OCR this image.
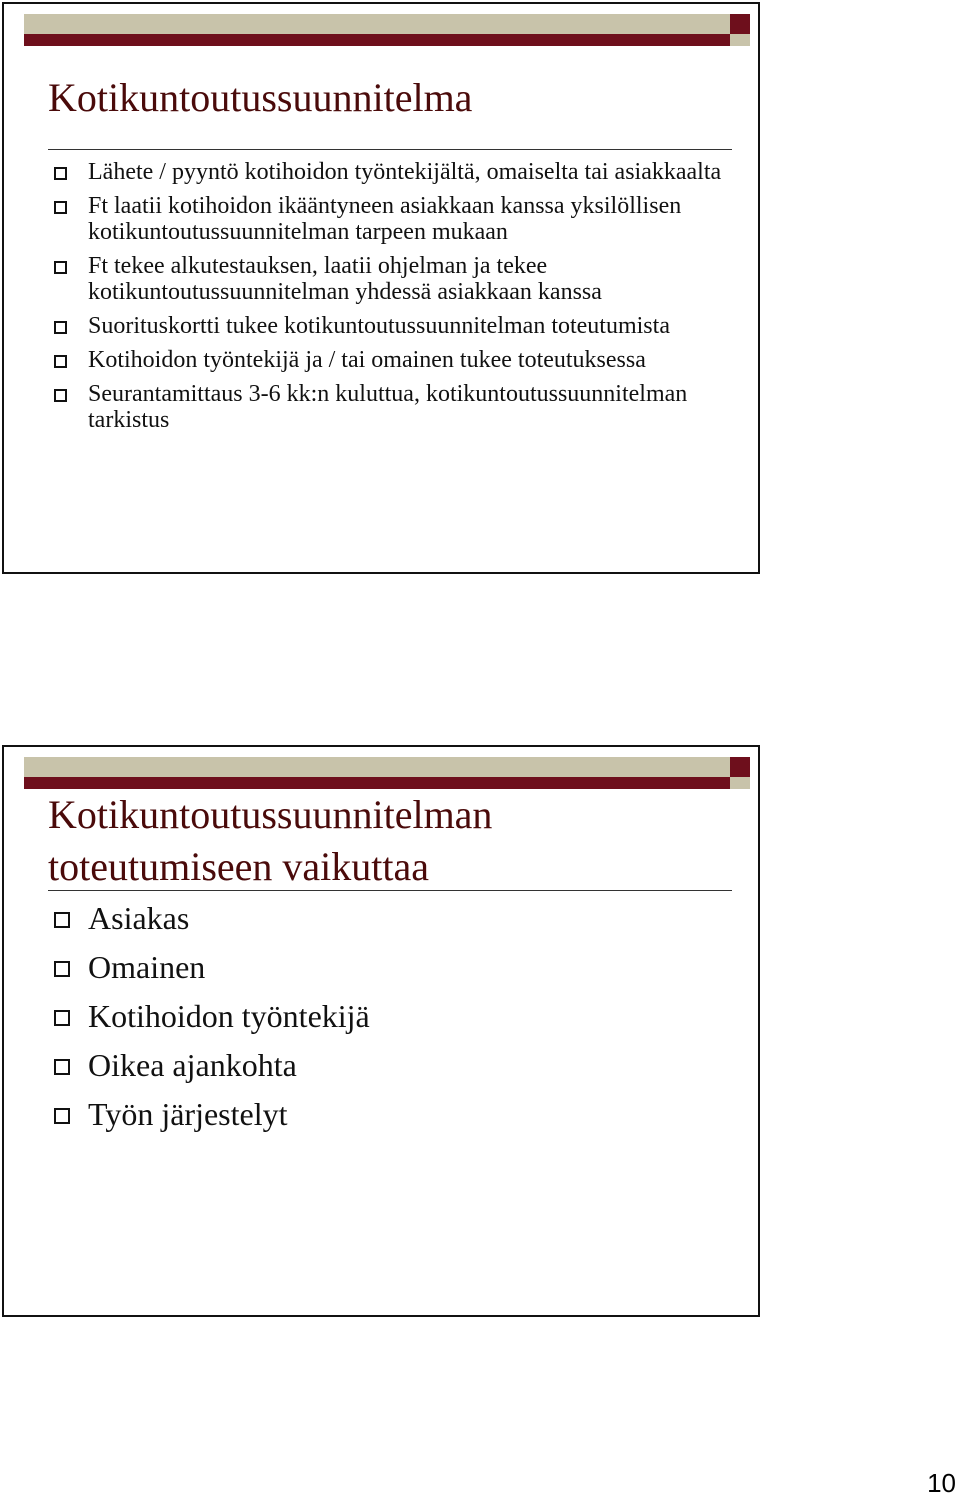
Kotikuntoutussuunnitelma
Lähete / pyyntö kotihoidon työntekijältä, omaiselta tai asiakkaalta
Ft laatii kotihoidon ikääntyneen asiakkaan kanssa yksilöllisen kotikuntoutussuunnitelman tarpeen mukaan
Ft tekee alkutestauksen, laatii ohjelman ja tekee kotikuntoutussuunnitelman yhdessä asiakkaan kanssa
Suorituskortti tukee kotikuntoutussuunnitelman toteutumista
Kotihoidon työntekijä ja / tai omainen tukee toteutuksessa
Seurantamittaus 3-6 kk:n kuluttua, kotikuntoutussuunnitelman tarkistus
Kotikuntoutussuunnitelman toteutumiseen vaikuttaa
Asiakas
Omainen
Kotihoidon työntekijä
Oikea ajankohta
Työn järjestelyt
10
